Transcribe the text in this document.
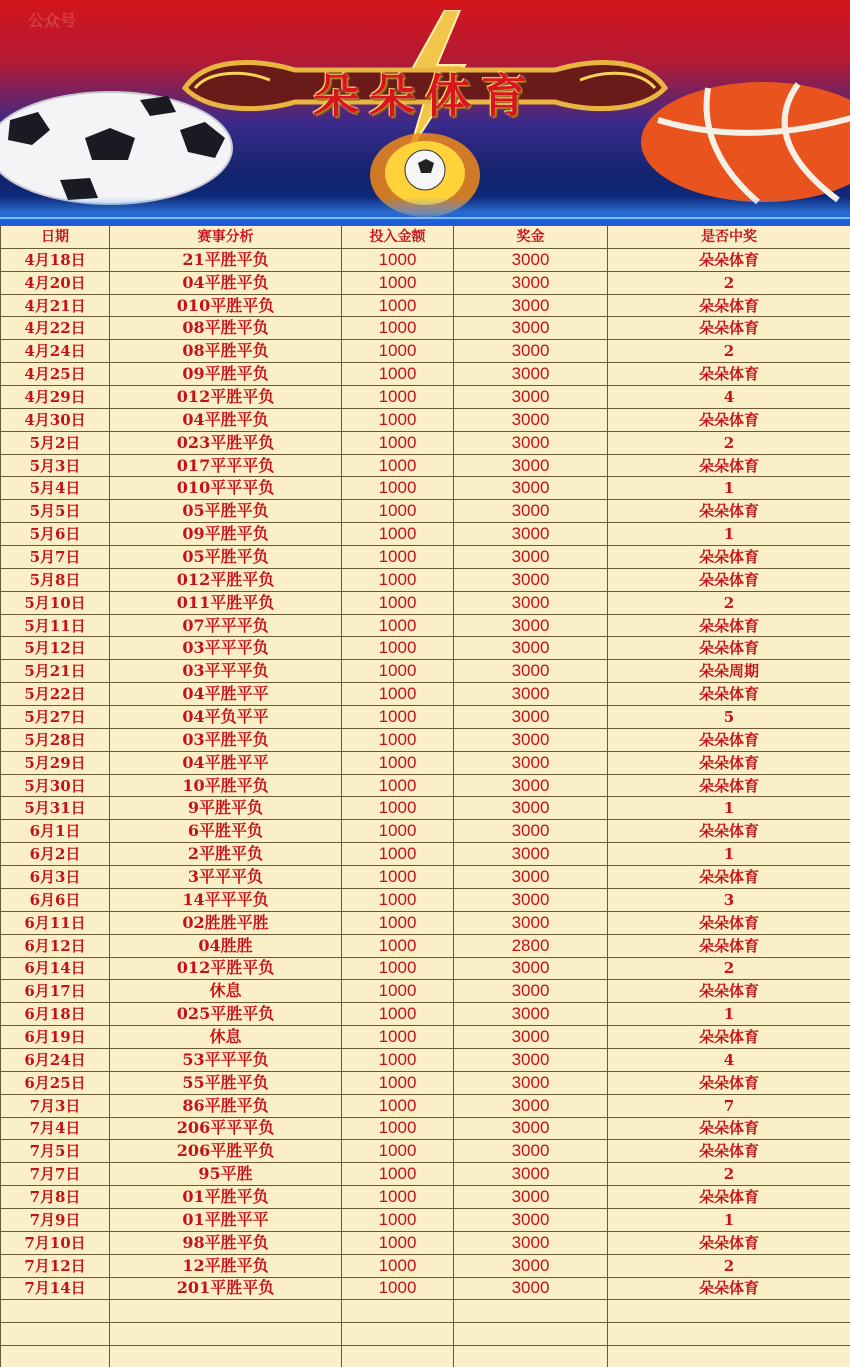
公众号
朵朵体育
日期	赛事分析	投入金额	奖金	是否中奖
4月18日	21平胜平负	1000	3000	朵朵体育
4月20日	04平胜平负	1000	3000	2
4月21日	010平胜平负	1000	3000	朵朵体育
4月22日	08平胜平负	1000	3000	朵朵体育
4月24日	08平胜平负	1000	3000	2
4月25日	09平胜平负	1000	3000	朵朵体育
4月29日	012平胜平负	1000	3000	4
4月30日	04平胜平负	1000	3000	朵朵体育
5月2日	023平胜平负	1000	3000	2
5月3日	017平平平负	1000	3000	朵朵体育
5月4日	010平平平负	1000	3000	1
5月5日	05平胜平负	1000	3000	朵朵体育
5月6日	09平胜平负	1000	3000	1
5月7日	05平胜平负	1000	3000	朵朵体育
5月8日	012平胜平负	1000	3000	朵朵体育
5月10日	011平胜平负	1000	3000	2
5月11日	07平平平负	1000	3000	朵朵体育
5月12日	03平平平负	1000	3000	朵朵体育
5月21日	03平平平负	1000	3000	朵朵周期
5月22日	04平胜平平	1000	3000	朵朵体育
5月27日	04平负平平	1000	3000	5
5月28日	03平胜平负	1000	3000	朵朵体育
5月29日	04平胜平平	1000	3000	朵朵体育
5月30日	10平胜平负	1000	3000	朵朵体育
5月31日	9平胜平负	1000	3000	1
6月1日	6平胜平负	1000	3000	朵朵体育
6月2日	2平胜平负	1000	3000	1
6月3日	3平平平负	1000	3000	朵朵体育
6月6日	14平平平负	1000	3000	3
6月11日	02胜胜平胜	1000	3000	朵朵体育
6月12日	04胜胜	1000	2800	朵朵体育
6月14日	012平胜平负	1000	3000	2
6月17日	休息	1000	3000	朵朵体育
6月18日	025平胜平负	1000	3000	1
6月19日	休息	1000	3000	朵朵体育
6月24日	53平平平负	1000	3000	4
6月25日	55平胜平负	1000	3000	朵朵体育
7月3日	86平胜平负	1000	3000	7
7月4日	206平平平负	1000	3000	朵朵体育
7月5日	206平胜平负	1000	3000	朵朵体育
7月7日	95平胜	1000	3000	2
7月8日	01平胜平负	1000	3000	朵朵体育
7月9日	01平胜平平	1000	3000	1
7月10日	98平胜平负	1000	3000	朵朵体育
7月12日	12平胜平负	1000	3000	2
7月14日	201平胜平负	1000	3000	朵朵体育
